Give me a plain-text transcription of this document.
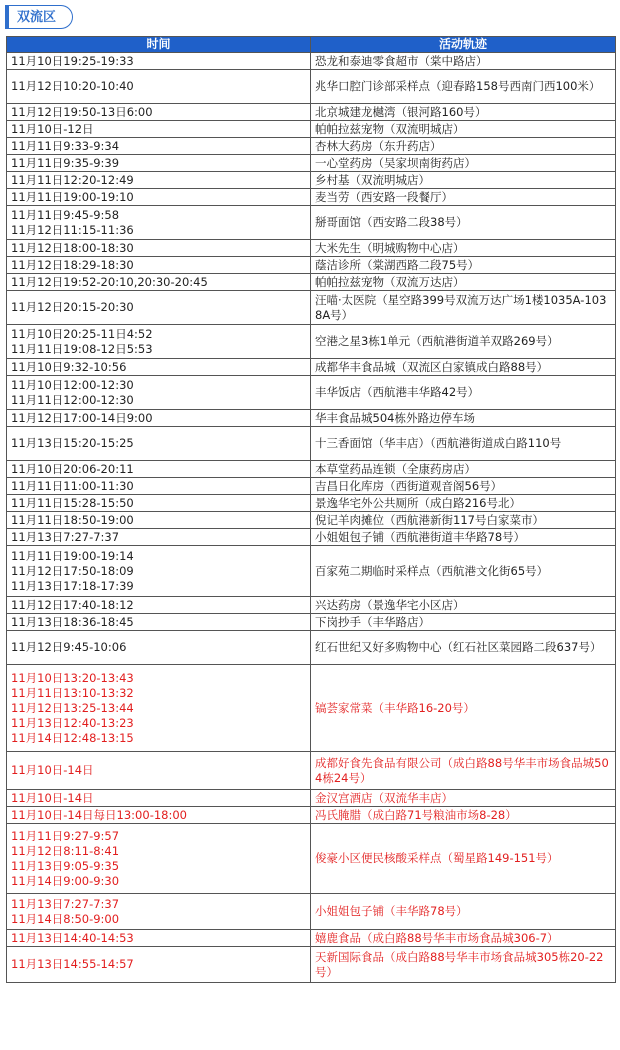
双流区
时间	活动轨迹

11月10日19:25-19:33	恐龙和泰迪零食超市（棠中路店）

11月12日10:20-10:40	兆华口腔门诊部采样点（迎春路158号西南门西100米）

11月12日19:50-13日6:00	北京城建龙樾湾（银河路160号）

11月10日-12日	帕帕拉兹宠物（双流明城店）

11月11日9:33-9:34	杏林大药房（东升药店）

11月11日9:35-9:39	一心堂药房（吴家坝南街药店）

11月11日12:20-12:49	乡村基（双流明城店）

11月11日19:00-19:10	麦当劳（西安路一段餐厅）

11月11日9:45-9:58
11月12日11:15-11:36	掰哥面馆（西安路二段38号）

11月12日18:00-18:30	大米先生（明城购物中心店）

11月12日18:29-18:30	蔭洁诊所（棠湖西路二段75号）

11月12日19:52-20:10,20:30-20:45	帕帕拉兹宠物（双流万达店）

11月12日20:15-20:30	汪喵·太医院（星空路399号双流万达广场1楼1035A-1038A号）

11月10日20:25-11日4:52
11月11日19:08-12日5:53	空港之星3栋1单元（西航港街道羊双路269号）

11月10日9:32-10:56	成都华丰食品城（双流区白家镇成白路88号）

11月10日12:00-12:30
11月11日12:00-12:30	丰华饭店（西航港丰华路42号）

11月12日17:00-14日9:00	华丰食品城504栋外路边停车场

11月13日15:20-15:25	十三香面馆（华丰店）（西航港街道成白路110号

11月10日20:06-20:11	本草堂药品连锁（全康药房店）

11月11日11:00-11:30	吉昌日化库房（西街道观音阁56号）

11月11日15:28-15:50	景逸华宅外公共厕所（成白路216号北）

11月11日18:50-19:00	倪记羊肉摊位（西航港新街117号白家菜市）

11月13日7:27-7:37	小姐姐包子铺（西航港街道丰华路78号）

11月11日19:00-19:14
11月12日17:50-18:09
11月13日17:18-17:39	百家苑二期临时采样点（西航港文化街65号）

11月12日17:40-18:12	兴达药房（景逸华宅小区店）

11月13日18:36-18:45	下岗抄手（丰华路店）

11月12日9:45-10:06	红石世纪又好多购物中心（红石社区菜园路二段637号）

11月10日13:20-13:43
11月11日13:10-13:32
11月12日13:25-13:44
11月13日12:40-13:23
11月14日12:48-13:15	镐荟家常菜（丰华路16-20号）

11月10日-14日	成都好食先食品有限公司（成白路88号华丰市场食品城504栋24号）

11月10日-14日	金汉宫酒店（双流华丰店）

11月10日-14日每日13:00-18:00	冯氏腌腊（成白路71号粮油市场8-28）

11月11日9:27-9:57
11月12日8:11-8:41
11月13日9:05-9:35
11月14日9:00-9:30	俊豪小区便民核酸采样点（蜀星路149-151号）

11月13日7:27-7:37
11月14日8:50-9:00	小姐姐包子铺（丰华路78号）

11月13日14:40-14:53	嬉鹿食品（成白路88号华丰市场食品城306-7）

11月13日14:55-14:57	天新国际食品（成白路88号华丰市场食品城305栋20-22号）
